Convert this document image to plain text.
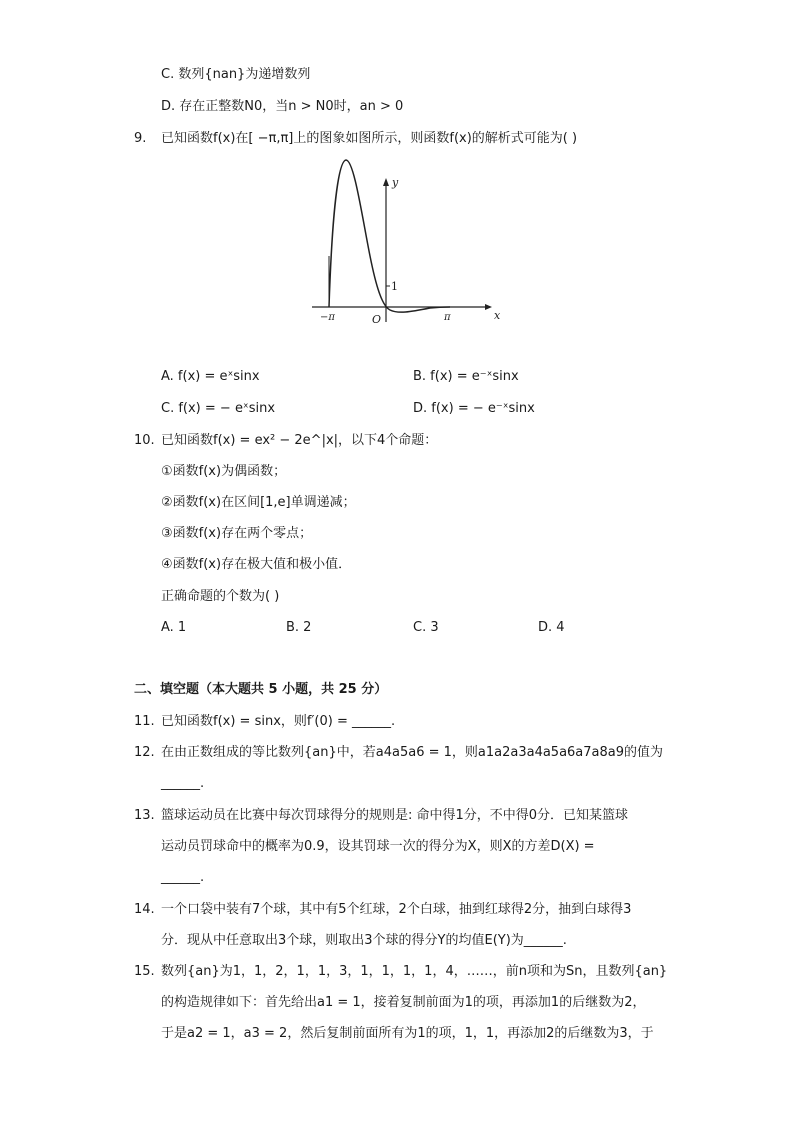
C. 数列{nan}为递增数列
D. 存在正整数N0，当n > N0时，an > 0
9. 已知函数f(x)在[ −π,π]上的图象如图所示，则函数f(x)的解析式可能为( )
1
y
x
O
−π	π
A. f(x) = eˣsinx	B. f(x) = e⁻ˣsinx
C. f(x) = − eˣsinx	D. f(x) = − e⁻ˣsinx
10. 已知函数f(x) = ex² − 2e^|x|，以下4个命题：
①函数f(x)为偶函数；
②函数f(x)在区间[1,e]单调递减；
③函数f(x)存在两个零点；
④函数f(x)存在极大值和极小值．
正确命题的个数为( )
A. 1	B. 2	C. 3	D. 4
二、填空题（本大题共 5 小题，共 25 分）
11. 已知函数f(x) = sinx，则f′(0) = ______.
12. 在由正数组成的等比数列{an}中，若a4a5a6 = 1，则a1a2a3a4a5a6a7a8a9的值为
______.
13. 篮球运动员在比赛中每次罚球得分的规则是: 命中得1分，不中得0分．已知某篮球
运动员罚球命中的概率为0.9，设其罚球一次的得分为X，则X的方差D(X) =
______.
14. 一个口袋中装有7个球，其中有5个红球，2个白球，抽到红球得2分，抽到白球得3
分．现从中任意取出3个球，则取出3个球的得分Y的均值E(Y)为______.
15. 数列{an}为1，1，2，1，1，3，1，1，1，1，4，……，前n项和为Sn，且数列{an}
的构造规律如下：首先给出a1 = 1，接着复制前面为1的项，再添加1的后继数为2，
于是a2 = 1，a3 = 2，然后复制前面所有为1的项，1，1，再添加2的后继数为3，于
